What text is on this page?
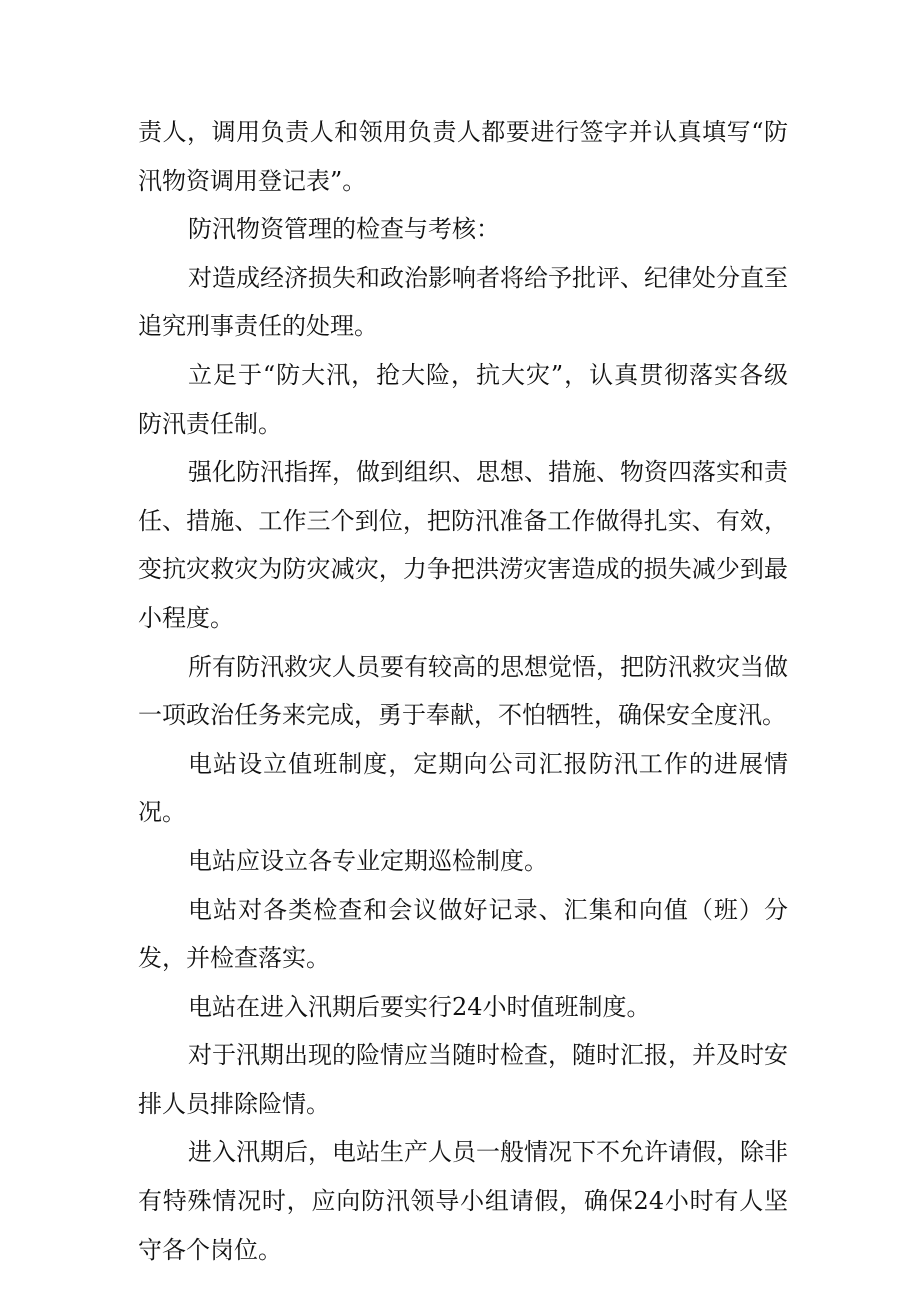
责人，调用负责人和领用负责人都要进行签字并认真填写“防汛物资调用登记表”。

防汛物资管理的检查与考核：

对造成经济损失和政治影响者将给予批评、纪律处分直至追究刑事责任的处理。

立足于“防大汛，抢大险，抗大灾”，认真贯彻落实各级防汛责任制。

强化防汛指挥，做到组织、思想、措施、物资四落实和责任、措施、工作三个到位，把防汛准备工作做得扎实、有效，变抗灾救灾为防灾减灾，力争把洪涝灾害造成的损失减少到最小程度。

所有防汛救灾人员要有较高的思想觉悟，把防汛救灾当做一项政治任务来完成，勇于奉献，不怕牺牲，确保安全度汛。

电站设立值班制度，定期向公司汇报防汛工作的进展情况。

电站应设立各专业定期巡检制度。

电站对各类检查和会议做好记录、汇集和向值（班）分发，并检查落实。

电站在进入汛期后要实行24小时值班制度。

对于汛期出现的险情应当随时检查，随时汇报，并及时安排人员排除险情。

进入汛期后，电站生产人员一般情况下不允许请假，除非有特殊情况时，应向防汛领导小组请假，确保24小时有人坚守各个岗位。
